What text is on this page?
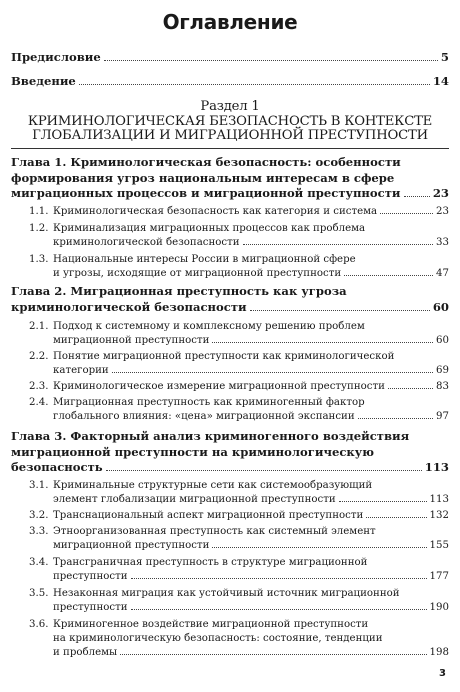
Оглавление
Предисловие	5
Введение	14
Раздел 1
КРИМИНОЛОГИЧЕСКАЯ БЕЗОПАСНОСТЬ В КОНТЕКСТЕ
ГЛОБАЛИЗАЦИИ И МИГРАЦИОННОЙ ПРЕСТУПНОСТИ
Глава 1. Криминологическая безопасность: особенности
формирования угроз национальным интересам в сфере
миграционных процессов и миграционной преступности	23
1.1. Криминологическая безопасность как категория и система	23
1.2. Криминализация миграционных процессов как проблема
криминологической безопасности	33
1.3. Национальные интересы России в миграционной сфере
и угрозы, исходящие от миграционной преступности	47
Глава 2. Миграционная преступность как угроза
криминологической безопасности	60
2.1. Подход к системному и комплексному решению проблем
миграционной преступности	60
2.2. Понятие миграционной преступности как криминологической
категории	69
2.3. Криминологическое измерение миграционной преступности	83
2.4. Миграционная преступность как криминогенный фактор
глобального влияния: «цена» миграционной экспансии	97
Глава 3. Факторный анализ криминогенного воздействия
миграционной преступности на криминологическую
безопасность	113
3.1. Криминальные структурные сети как системообразующий
элемент глобализации миграционной преступности	113
3.2. Транснациональный аспект миграционной преступности	132
3.3. Этноорганизованная преступность как системный элемент
миграционной преступности	155
3.4. Трансграничная преступность в структуре миграционной
преступности	177
3.5. Незаконная миграция как устойчивый источник миграционной
преступности	190
3.6. Криминогенное воздействие миграционной преступности
на криминологическую безопасность: состояние, тенденции
и проблемы	198
3
